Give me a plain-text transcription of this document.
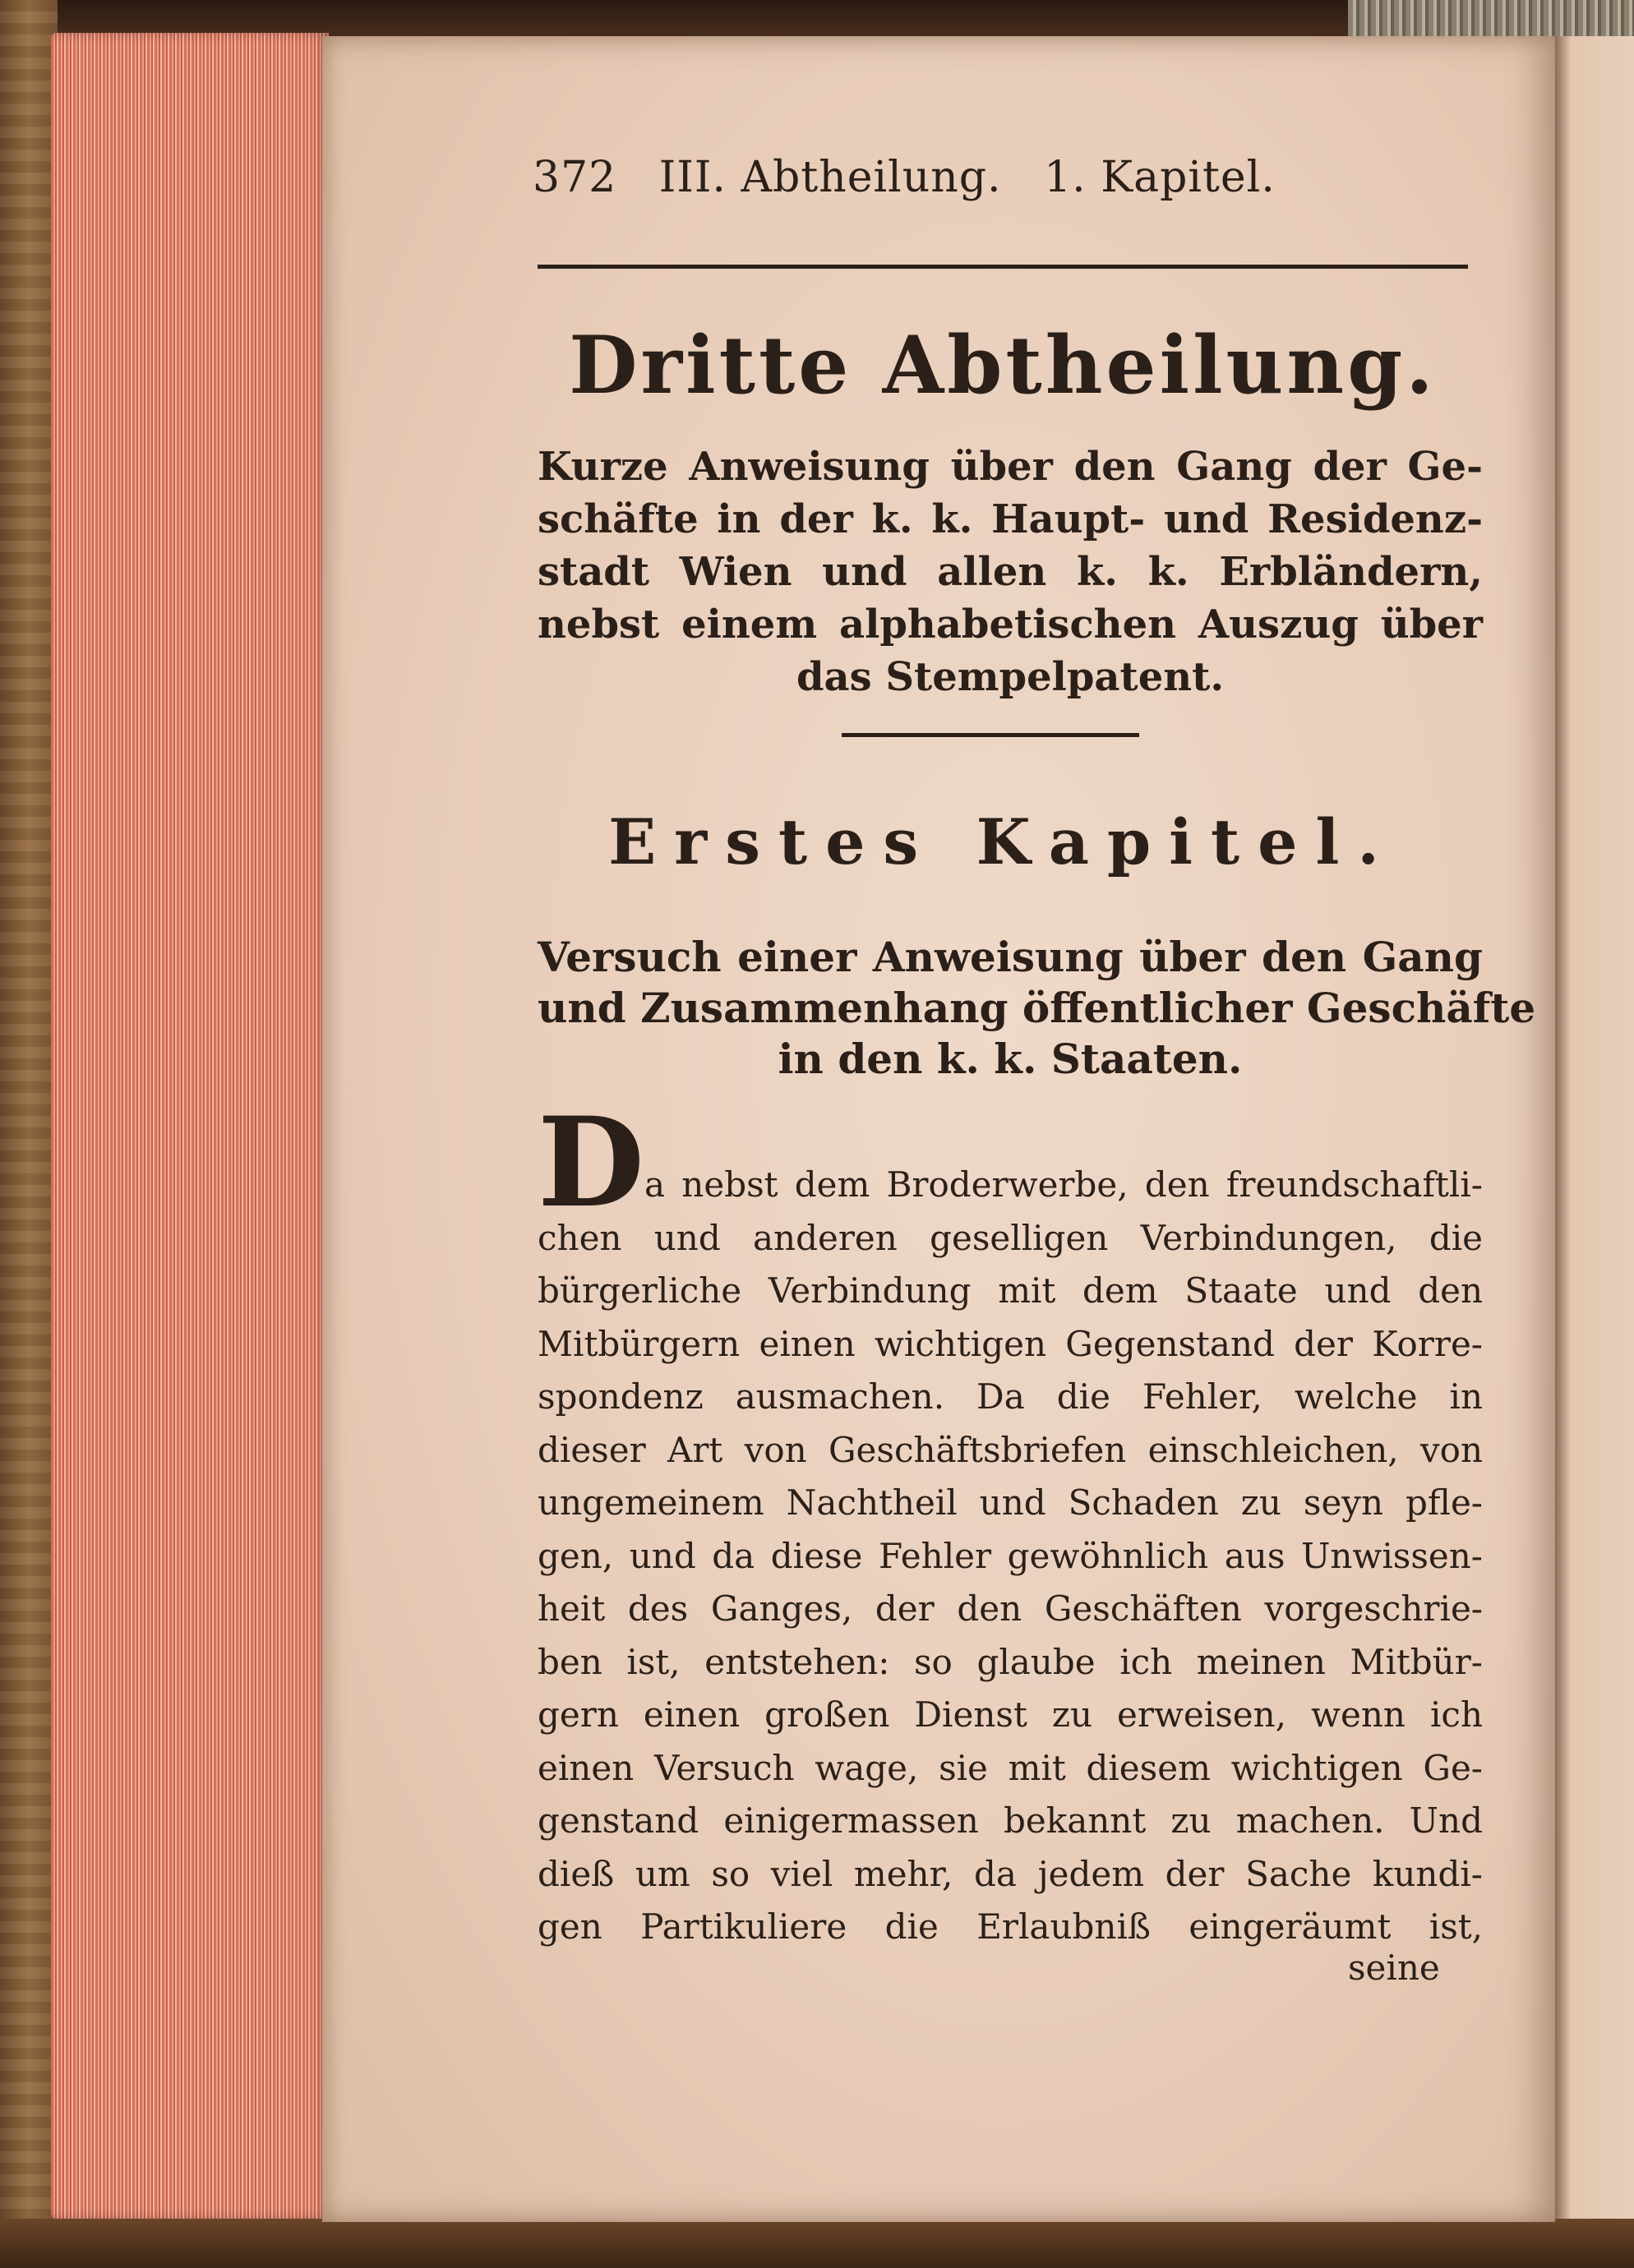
372 III. Abtheilung. 1. Kapitel.
Dritte Abtheilung.
Kurze Anweisung über den Gang der Ge-
schäfte in der k. k. Haupt- und Residenz-
stadt Wien und allen k. k. Erbländern,
nebst einem alphabetischen Auszug über
das Stempelpatent.
Erstes Kapitel.
Versuch einer Anweisung über den Gang
und Zusammenhang öffentlicher Geschäfte
in den k. k. Staaten.
D a nebst dem Broderwerbe, den freundschaftli-
chen und anderen geselligen Verbindungen, die
bürgerliche Verbindung mit dem Staate und den
Mitbürgern einen wichtigen Gegenstand der Korre-
spondenz ausmachen. Da die Fehler, welche in
dieser Art von Geschäftsbriefen einschleichen, von
ungemeinem Nachtheil und Schaden zu seyn pfle-
gen, und da diese Fehler gewöhnlich aus Unwissen-
heit des Ganges, der den Geschäften vorgeschrie-
ben ist, entstehen: so glaube ich meinen Mitbür-
gern einen großen Dienst zu erweisen, wenn ich
einen Versuch wage, sie mit diesem wichtigen Ge-
genstand einigermassen bekannt zu machen. Und
dieß um so viel mehr, da jedem der Sache kundi-
gen Partikuliere die Erlaubniß eingeräumt ist,
seine
